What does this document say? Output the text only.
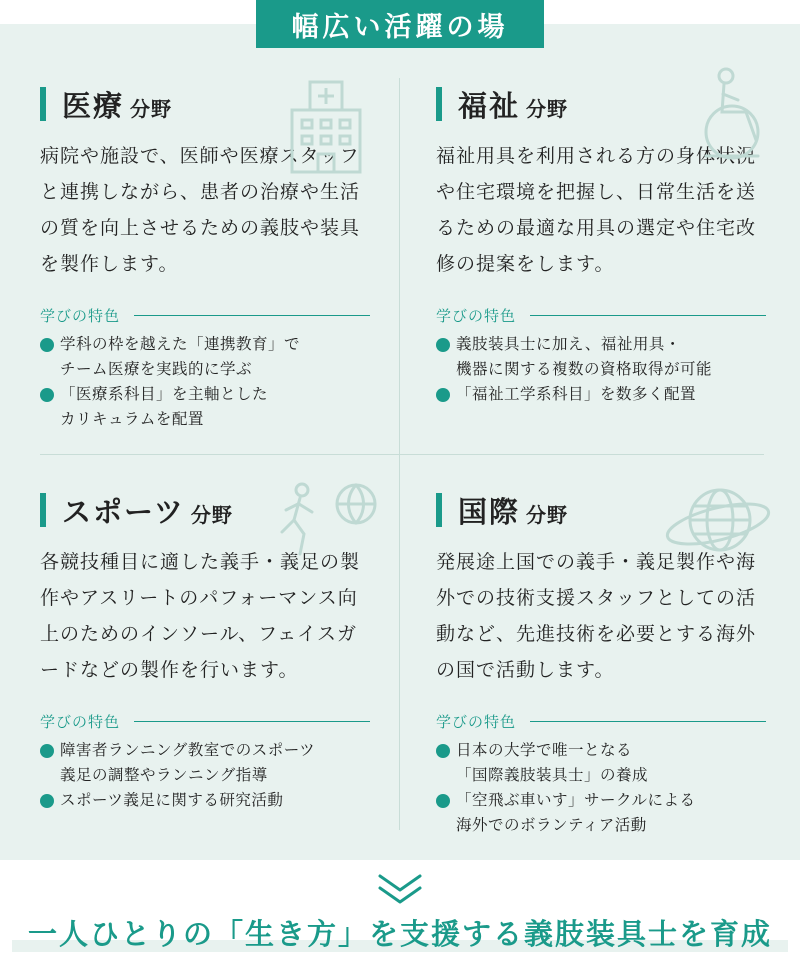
幅広い活躍の場
医療 分野
病院や施設で、医師や医療スタッフと連携しながら、患者の治療や生活の質を向上させるための義肢や装具を製作します。
学びの特色
学科の枠を越えた「連携教育」で
チーム医療を実践的に学ぶ
「医療系科目」を主軸とした
カリキュラムを配置
福祉 分野
福祉用具を利用される方の身体状況や住宅環境を把握し、日常生活を送るための最適な用具の選定や住宅改修の提案をします。
学びの特色
義肢装具士に加え、福祉用具・
機器に関する複数の資格取得が可能
「福祉工学系科目」を数多く配置
スポーツ 分野
各競技種目に適した義手・義足の製作やアスリートのパフォーマンス向上のためのインソール、フェイスガードなどの製作を行います。
学びの特色
障害者ランニング教室でのスポーツ
義足の調整やランニング指導
スポーツ義足に関する研究活動
国際 分野
発展途上国での義手・義足製作や海外での技術支援スタッフとしての活動など、先進技術を必要とする海外の国で活動します。
学びの特色
日本の大学で唯一となる
「国際義肢装具士」の養成
「空飛ぶ車いす」サークルによる
海外でのボランティア活動
一人ひとりの「生き方」を支援する義肢装具士を育成
